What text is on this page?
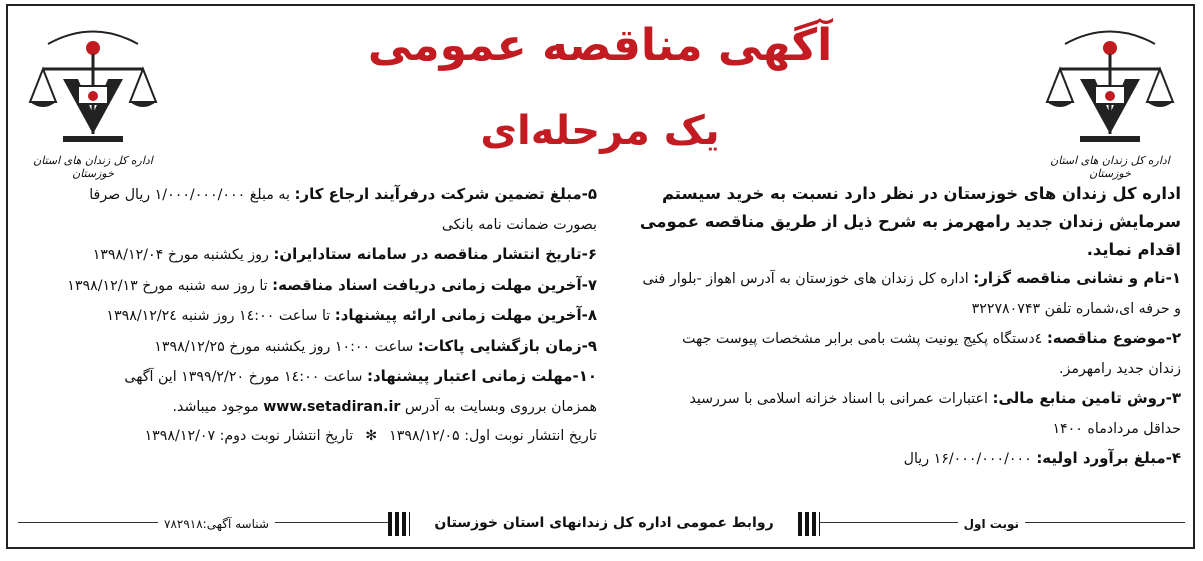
اداره کل زندان های استان خوزستان
اداره کل زندان های استان خوزستان
آگهی مناقصه عمومی
یک مرحله‌ای

اداره کل زندان های خوزستان در نظر دارد نسبت به خرید سیستم سرمایش زندان جدید رامهرمز به شرح ذیل از طریق مناقصه عمومی اقدام نماید.

۱-نام و نشانی مناقصه گزار: اداره کل زندان های خوزستان به آدرس اهواز -بلوار فنی

و حرفه ای،شماره تلفن ۳۲۲۷۸۰۷۴۳

۲-موضوع مناقصه: ٤دستگاه پکیج یونیت پشت بامی برابر مشخصات پیوست جهت

زندان جدید رامهرمز.

۳-روش تامین منابع مالی: اعتبارات عمرانی با اسناد خزانه اسلامی با سررسید

حداقل مردادماه ۱۴۰۰

۴-مبلغ برآورد اولیه: ۱۶/۰۰۰/۰۰۰/۰۰۰ ریال

۵-مبلغ تضمین شرکت درفرآیند ارجاع کار: به مبلغ ۱/۰۰۰/۰۰۰/۰۰۰ ریال صرفا

بصورت ضمانت نامه بانکی

۶-تاریخ انتشار مناقصه در سامانه ستادایران: روز یکشنبه مورخ ۱۳۹۸/۱۲/۰۴

۷-آخرین مهلت زمانی دریافت اسناد مناقصه: تا روز سه شنبه مورخ ۱۳۹۸/۱۲/۱۳

۸-آخرین مهلت زمانی ارائه پیشنهاد: تا ساعت ۱٤:۰۰ روز شنبه ۱۳۹۸/۱۲/۲٤

۹-زمان بازگشایی پاکات: ساعت ۱۰:۰۰ روز یکشنبه مورخ ۱۳۹۸/۱۲/۲۵

۱۰-مهلت زمانی اعتبار پیشنهاد: ساعت ۱٤:۰۰ مورخ ۱۳۹۹/۲/۲۰ این آگهی

همزمان برروی وبسایت به آدرس www.setadiran.ir موجود میباشد.

تاریخ انتشار نوبت اول: ۱۳۹۸/۱۲/۰۵✻تاریخ انتشار نوبت دوم: ۱۳۹۸/۱۲/۰۷

نوبت اول
روابط عمومی اداره کل زندانهای استان خوزستان
شناسه آگهی:۷۸۲۹۱۸
